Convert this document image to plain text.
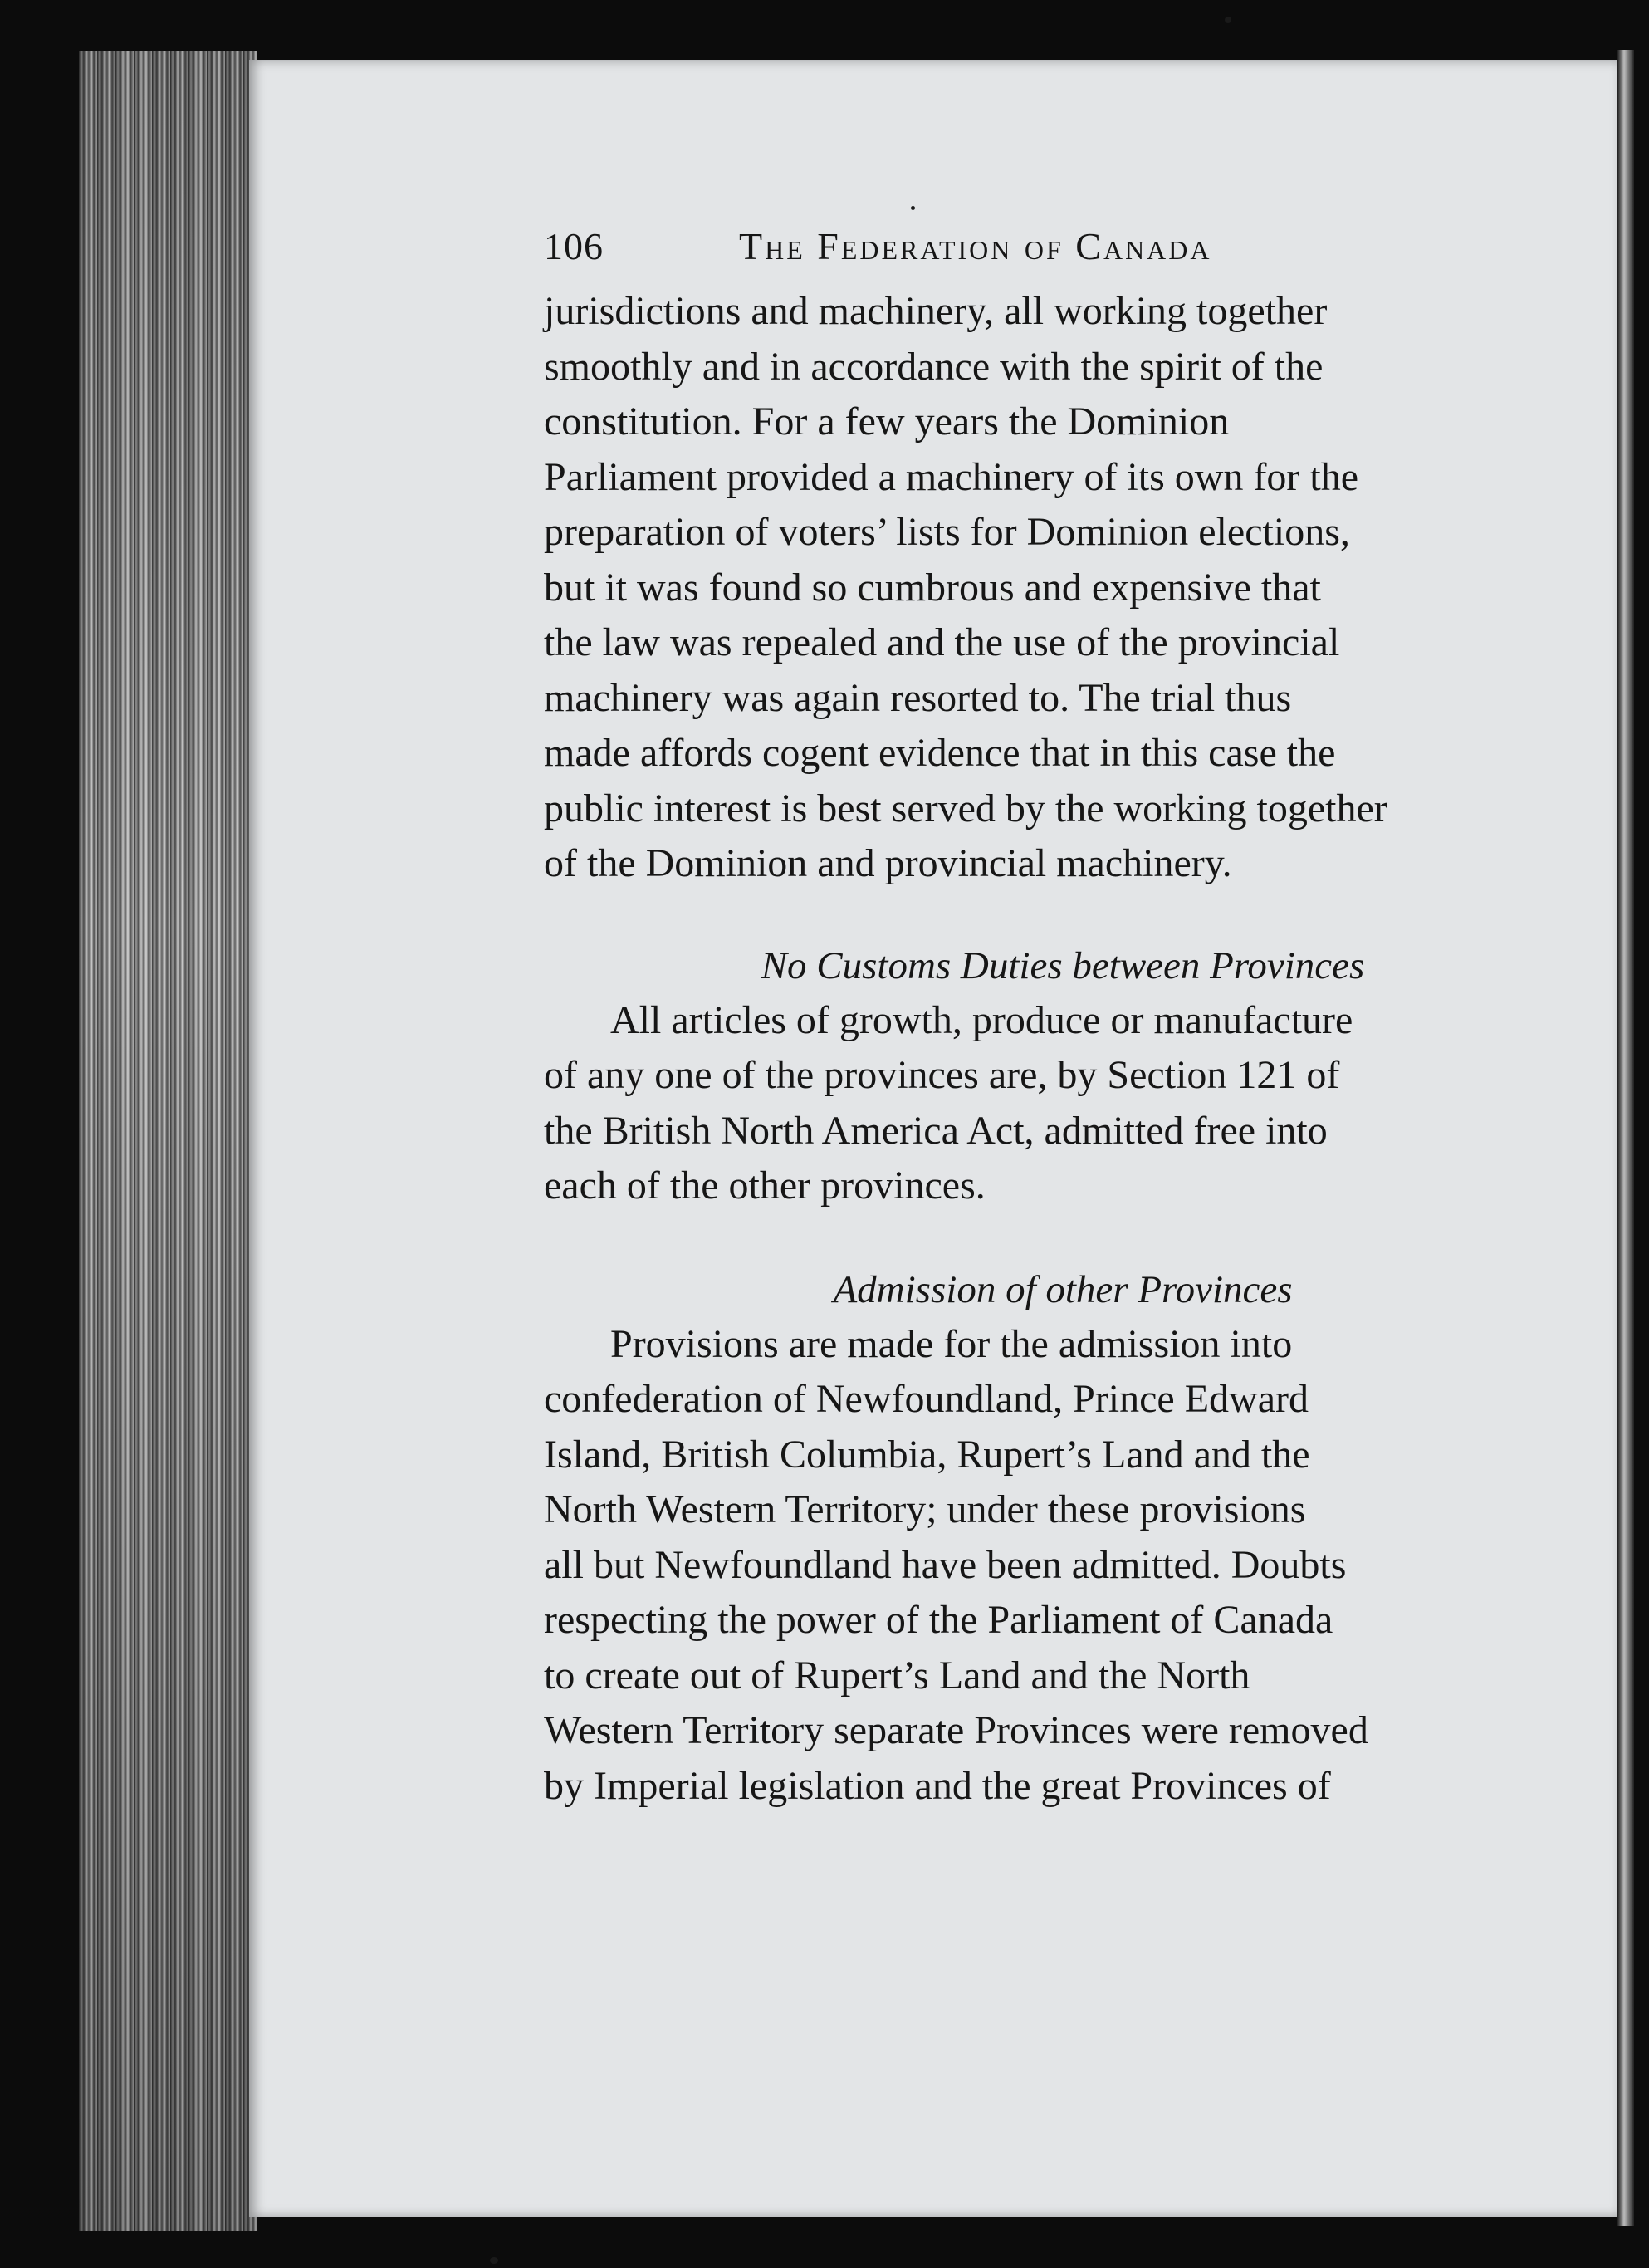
106	The Federation of Canada
jurisdictions and machinery, all working together
smoothly and in accordance with the spirit of the
constitution. For a few years the Dominion
Parliament provided a machinery of its own for the
preparation of voters’ lists for Dominion elections,
but it was found so cumbrous and expensive that
the law was repealed and the use of the provincial
machinery was again resorted to. The trial thus
made affords cogent evidence that in this case the
public interest is best served by the working together
of the Dominion and provincial machinery.
No Customs Duties between Provinces
All articles of growth, produce or manufacture
of any one of the provinces are, by Section 121 of
the British North America Act, admitted free into
each of the other provinces.
Admission of other Provinces
Provisions are made for the admission into
confederation of Newfoundland, Prince Edward
Island, British Columbia, Rupert’s Land and the
North Western Territory; under these provisions
all but Newfoundland have been admitted. Doubts
respecting the power of the Parliament of Canada
to create out of Rupert’s Land and the North
Western Territory separate Provinces were removed
by Imperial legislation and the great Provinces of
